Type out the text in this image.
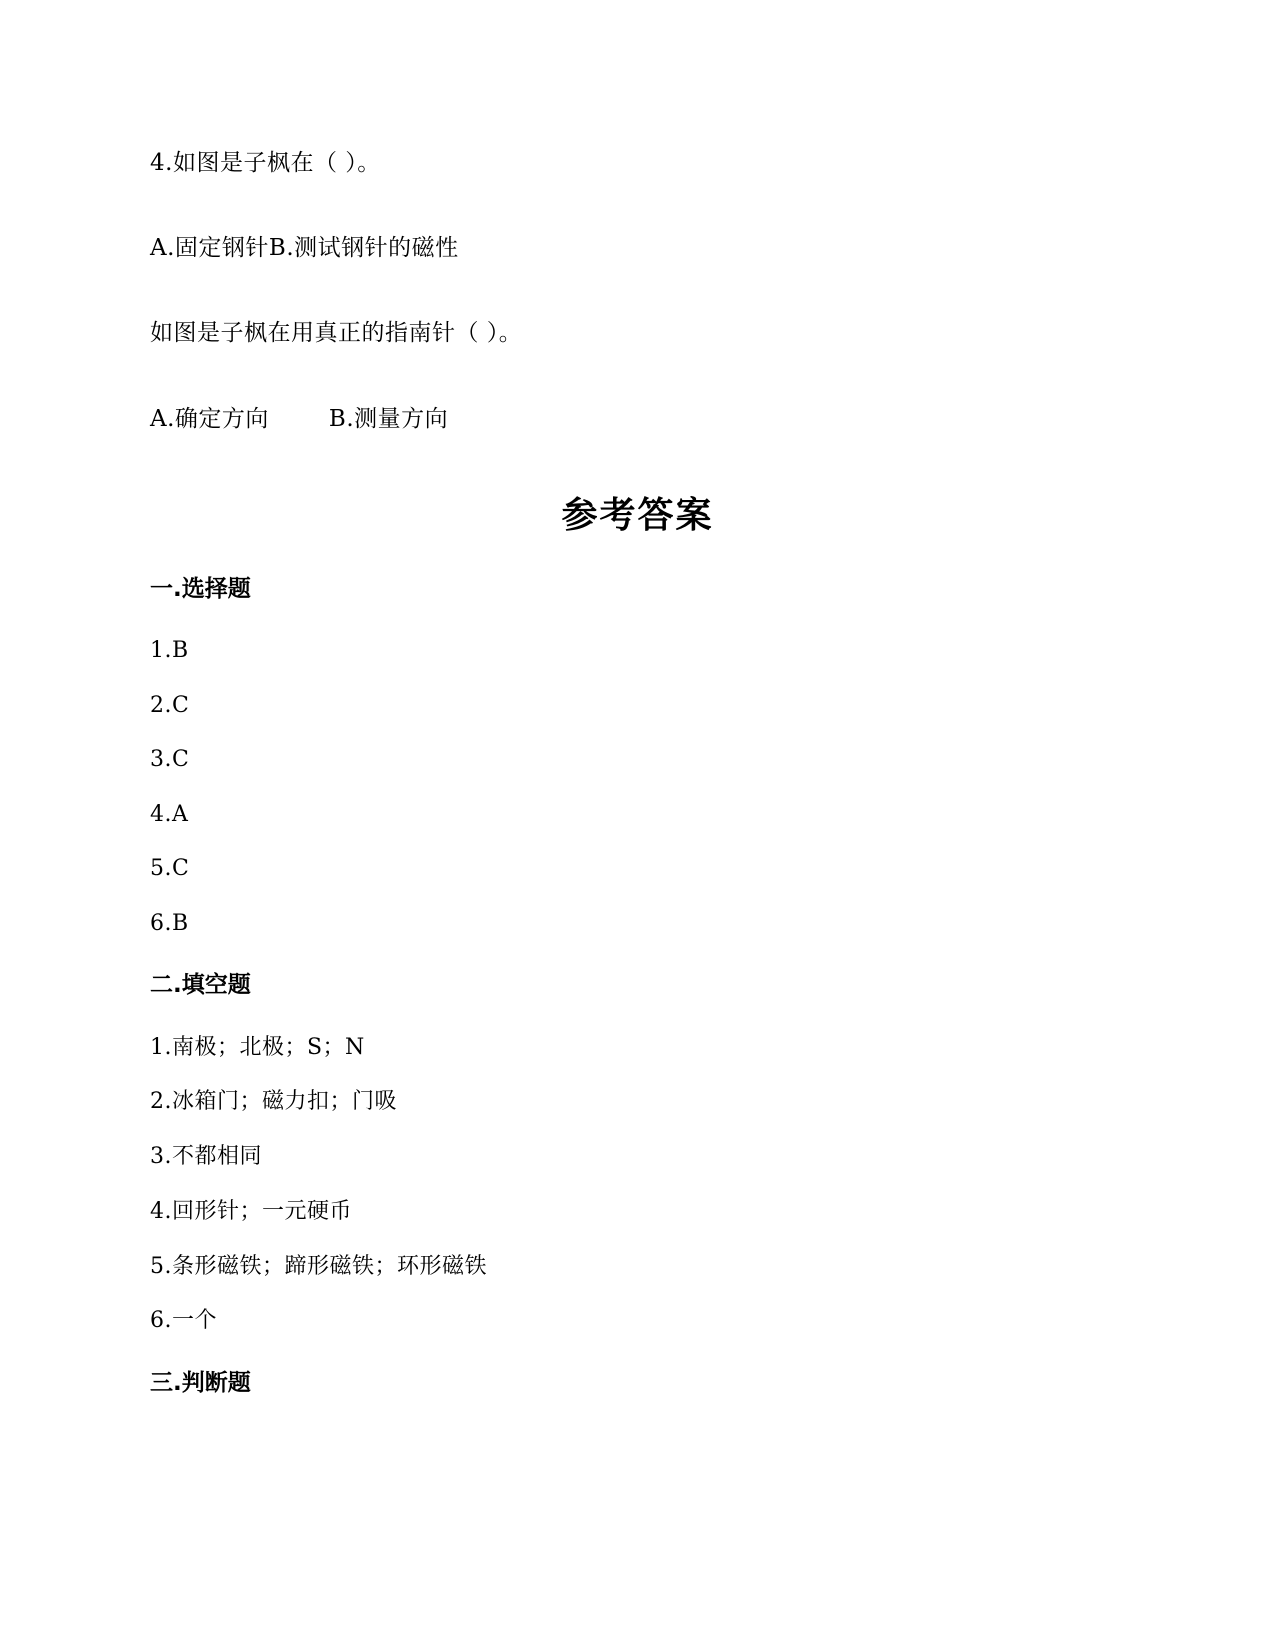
4.如图是子枫在（ ）。
A.固定钢针B.测试钢针的磁性
如图是子枫在用真正的指南针（ ）。
A.确定方向	B.测量方向
参考答案
一.选择题
1.B
2.C
3.C
4.A
5.C
6.B
二.填空题
1.南极；北极；S；N
2.冰箱门；磁力扣；门吸
3.不都相同
4.回形针；一元硬币
5.条形磁铁；蹄形磁铁；环形磁铁
6.一个
三.判断题
